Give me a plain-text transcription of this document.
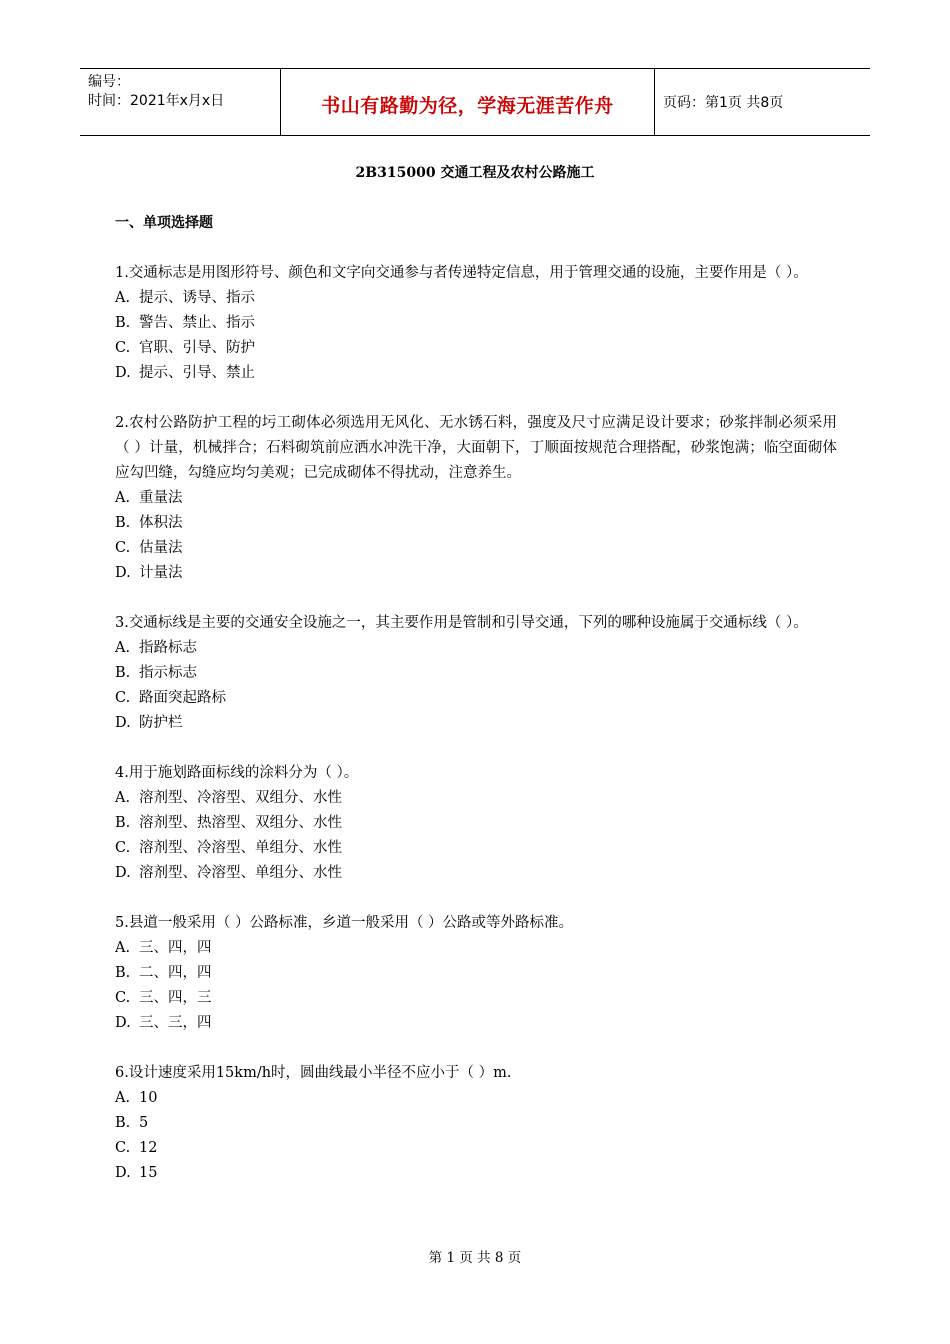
编号：
时间：2021年x月x日	书山有路勤为径，学海无涯苦作舟	页码：第1页 共8页
2B315000 交通工程及农村公路施工
一、单项选择题

1.交通标志是用图形符号、颜色和文字向交通参与者传递特定信息，用于管理交通的设施，主要作用是（ ）。

A. 提示、诱导、指示

B. 警告、禁止、指示

C. 官职、引导、防护

D. 提示、引导、禁止

2.农村公路防护工程的圬工砌体必须选用无风化、无水锈石料，强度及尺寸应满足设计要求；砂浆拌制必须采用（ ）计量，机械拌合；石料砌筑前应洒水冲洗干净，大面朝下，丁顺面按规范合理搭配，砂浆饱满；临空面砌体应勾凹缝，勾缝应均匀美观；已完成砌体不得扰动，注意养生。

A. 重量法

B. 体积法

C. 估量法

D. 计量法

3.交通标线是主要的交通安全设施之一，其主要作用是管制和引导交通，下列的哪种设施属于交通标线（ ）。

A. 指路标志

B. 指示标志

C. 路面突起路标

D. 防护栏

4.用于施划路面标线的涂料分为（ ）。

A. 溶剂型、冷溶型、双组分、水性

B. 溶剂型、热溶型、双组分、水性

C. 溶剂型、冷溶型、单组分、水性

D. 溶剂型、冷溶型、单组分、水性

5.县道一般采用（ ）公路标准，乡道一般采用（ ）公路或等外路标准。

A. 三、四，四

B. 二、四，四

C. 三、四，三

D. 三、三，四

6.设计速度采用15km/h时，圆曲线最小半径不应小于（ ）m.

A. 10

B. 5

C. 12

D. 15

第 1 页 共 8 页
